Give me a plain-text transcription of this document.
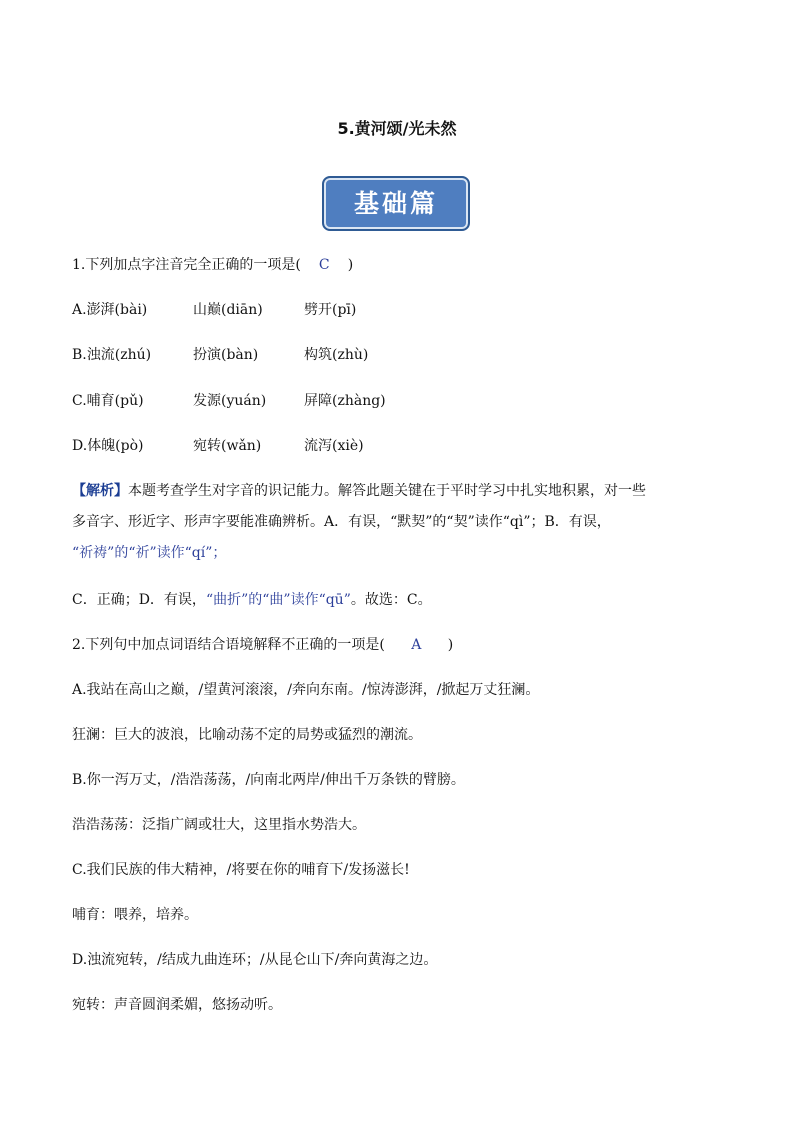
5.黄河颂/光未然
基础篇
1.下列加点字注音完全正确的一项是( C )
A.澎湃(bài)	山巅(diān)	劈开(pī)
B.浊流(zhú)	扮演(bàn)	构筑(zhù)
C.哺育(pǔ)	发源(yuán)	屏障(zhàng)
D.体魄(pò)	宛转(wǎn)	流泻(xiè)
【解析】本题考查学生对字音的识记能力。解答此题关键在于平时学习中扎实地积累，对一些
多音字、形近字、形声字要能准确辨析。A．有误，“默契”的“契”读作“qì”；B．有误，
“祈祷”的“祈”读作“qí”；
C．正确；D．有误，“曲折”的“曲”读作“qū”。故选：C。
2.下列句中加点词语结合语境解释不正确的一项是( A )
A.我站在高山之巅，/望黄河滚滚，/奔向东南。/惊涛澎湃，/掀起万丈狂澜。
狂澜：巨大的波浪，比喻动荡不定的局势或猛烈的潮流。
B.你一泻万丈，/浩浩荡荡，/向南北两岸/伸出千万条铁的臂膀。
浩浩荡荡：泛指广阔或壮大，这里指水势浩大。
C.我们民族的伟大精神，/将要在你的哺育下/发扬滋长!
哺育：喂养，培养。
D.浊流宛转，/结成九曲连环；/从昆仑山下/奔向黄海之边。
宛转：声音圆润柔媚，悠扬动听。
